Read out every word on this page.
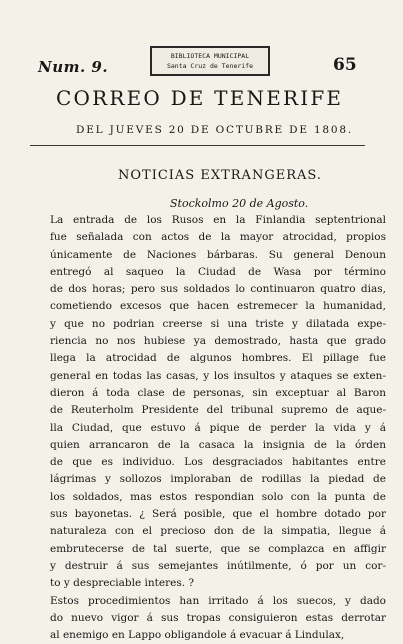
Num. 9.
BIBLIOTECA MUNICIPAL
Santa Cruz de Tenerife	65
CORREO DE TENERIFE
DEL JUEVES 20 DE OCTUBRE DE 1808.
NOTICIAS EXTRANGERAS.
Stockolmo 20 de Agosto.
La entrada de los Rusos en la Finlandia septentrional
fue señalada con actos de la mayor atrocidad, propios
únicamente de Naciones bárbaras. Su general Denoun
entregó al saqueo la Ciudad de Wasa por término
de dos horas; pero sus soldados lo continuaron quatro dias,
cometiendo excesos que hacen estremecer la humanidad,
y que no podrian creerse si una triste y dilatada expe-
riencia no nos hubiese ya demostrado, hasta que grado
llega la atrocidad de algunos hombres. El pillage fue
general en todas las casas, y los insultos y ataques se exten-
dieron á toda clase de personas, sin exceptuar al Baron
de Reuterholm Presidente del tribunal supremo de aque-
lla Ciudad, que estuvo á pique de perder la vida y á
quien arrancaron de la casaca la insignia de la órden
de que es individuo. Los desgraciados habitantes entre
lágrimas y sollozos imploraban de rodillas la piedad de
los soldados, mas estos respondian solo con la punta de
sus bayonetas. ¿ Será posible, que el hombre dotado por
naturaleza con el precioso don de la simpatia, llegue á
embrutecerse de tal suerte, que se complazca en affigir
y destruir á sus semejantes inútilmente, ó por un cor-
to y despreciable interes. ?
Estos procedimientos han irritado á los suecos, y dado
do nuevo vigor á sus tropas consiguieron estas derrotar
al enemigo en Lappo obligandole á evacuar á Lindulax,
